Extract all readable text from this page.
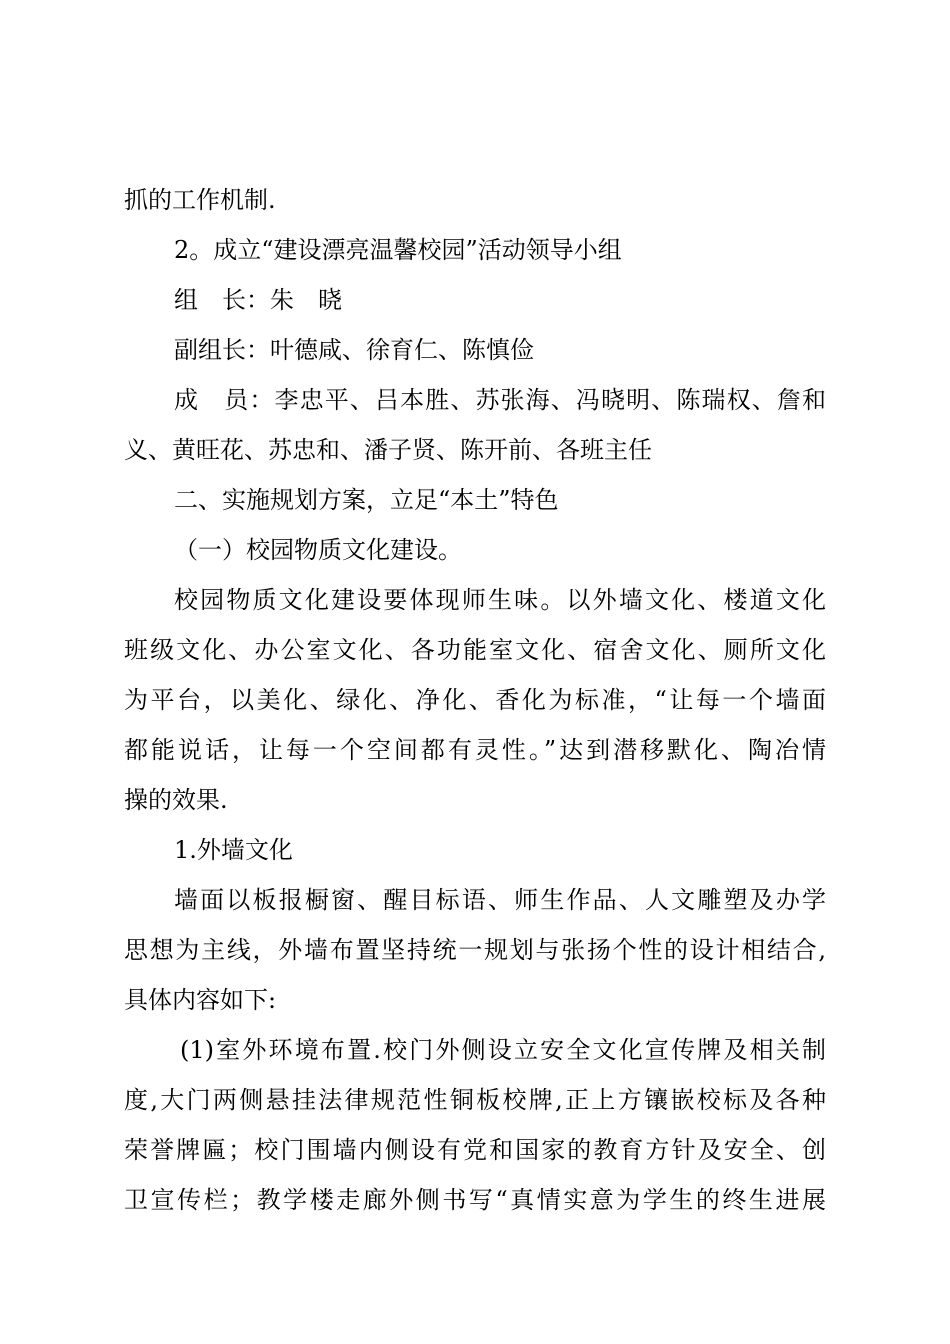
抓的工作机制.
2。成立“建设漂亮温馨校园”活动领导小组
组　长：朱　晓
副组长：叶德咸、徐育仁、陈慎俭
成　员：李忠平、吕本胜、苏张海、冯晓明、陈瑞权、詹和
义、黄旺花、苏忠和、潘子贤、陈开前、各班主任
二、实施规划方案，立足“本土”特色
（一）校园物质文化建设。
校园物质文化建设要体现师生味。以外墙文化、楼道文化
班级文化、办公室文化、各功能室文化、宿舍文化、厕所文化
为平台，以美化、绿化、净化、香化为标准，“让每一个墙面
都能说话，让每一个空间都有灵性。”达到潜移默化、陶冶情
操的效果.
1.外墙文化
墙面以板报橱窗、醒目标语、师生作品、人文雕塑及办学
思想为主线，外墙布置坚持统一规划与张扬个性的设计相结合,
具体内容如下:
(1)室外环境布置.校门外侧设立安全文化宣传牌及相关制
度,大门两侧悬挂法律规范性铜板校牌,正上方镶嵌校标及各种
荣誉牌匾；校门围墙内侧设有党和国家的教育方针及安全、创
卫宣传栏；教学楼走廊外侧书写“真情实意为学生的终生进展
